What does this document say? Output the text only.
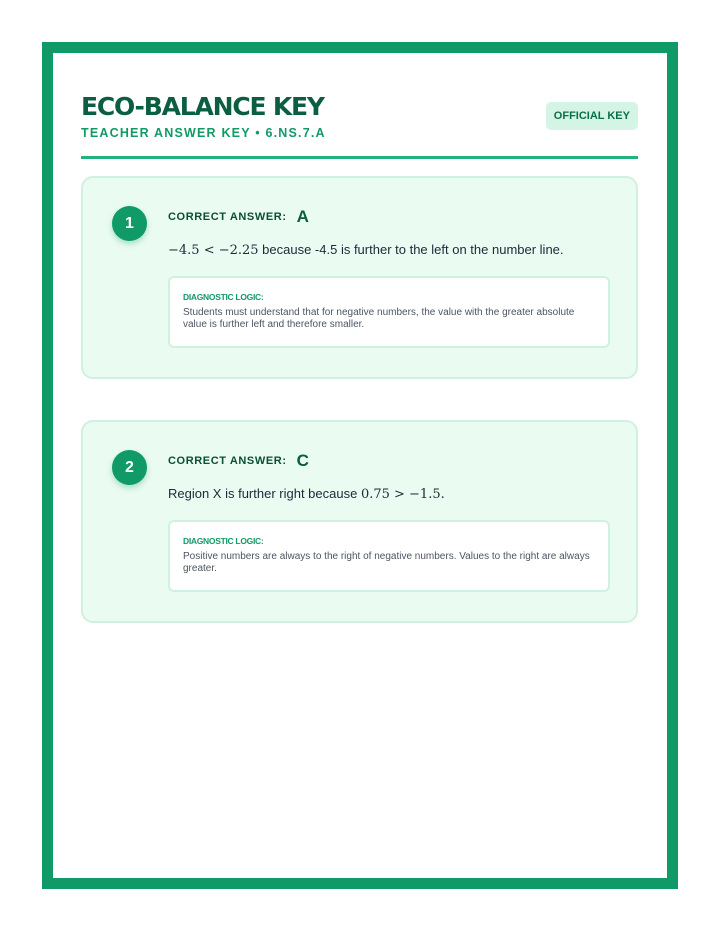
ECO-BALANCE KEY

TEACHER ANSWER KEY • 6.NS.7.A

OFFICIAL KEY
1	CORRECT ANSWER: A

−4.5 < −2.25 because -4.5 is further to the left on the number line.

DIAGNOSTIC LOGIC:

Students must understand that for negative numbers, the value with the greater absolute value is further left and therefore smaller.

2	CORRECT ANSWER: C

Region X is further right because 0.75 > −1.5.

DIAGNOSTIC LOGIC:

Positive numbers are always to the right of negative numbers. Values to the right are always greater.
